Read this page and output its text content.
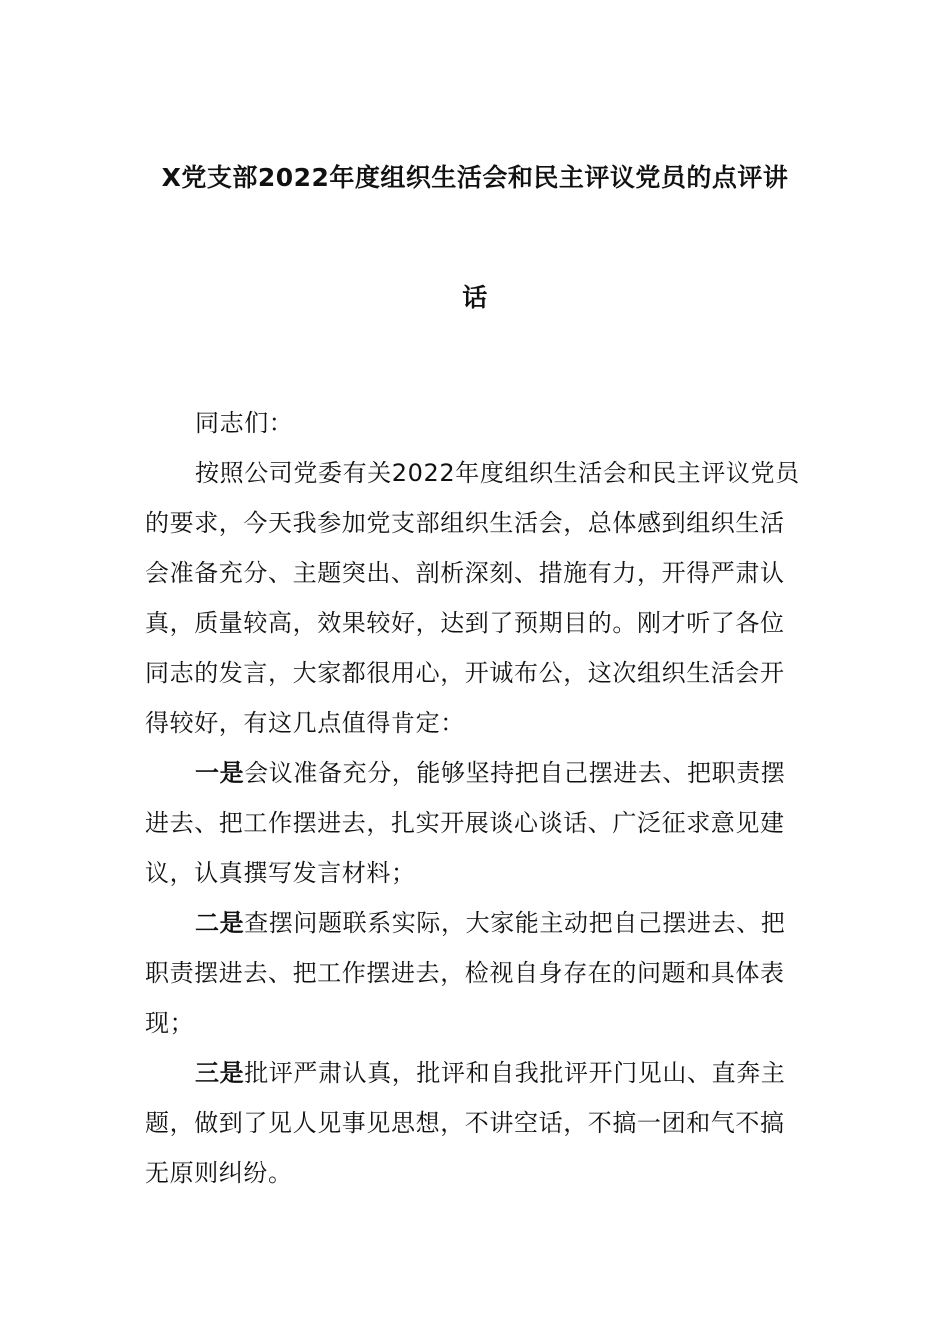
X党支部2022年度组织生活会和民主评议党员的点评讲
话

同志们：

按照公司党委有关2022年度组织生活会和民主评议党员的要求，今天我参加党支部组织生活会，总体感到组织生活会准备充分、主题突出、剖析深刻、措施有力，开得严肃认真，质量较高，效果较好，达到了预期目的。刚才听了各位同志的发言，大家都很用心，开诚布公，这次组织生活会开得较好，有这几点值得肯定：

一是会议准备充分，能够坚持把自己摆进去、把职责摆进去、把工作摆进去，扎实开展谈心谈话、广泛征求意见建议，认真撰写发言材料；

二是查摆问题联系实际，大家能主动把自己摆进去、把职责摆进去、把工作摆进去，检视自身存在的问题和具体表现；

三是批评严肃认真，批评和自我批评开门见山、直奔主题，做到了见人见事见思想，不讲空话，不搞一团和气不搞无原则纠纷。
